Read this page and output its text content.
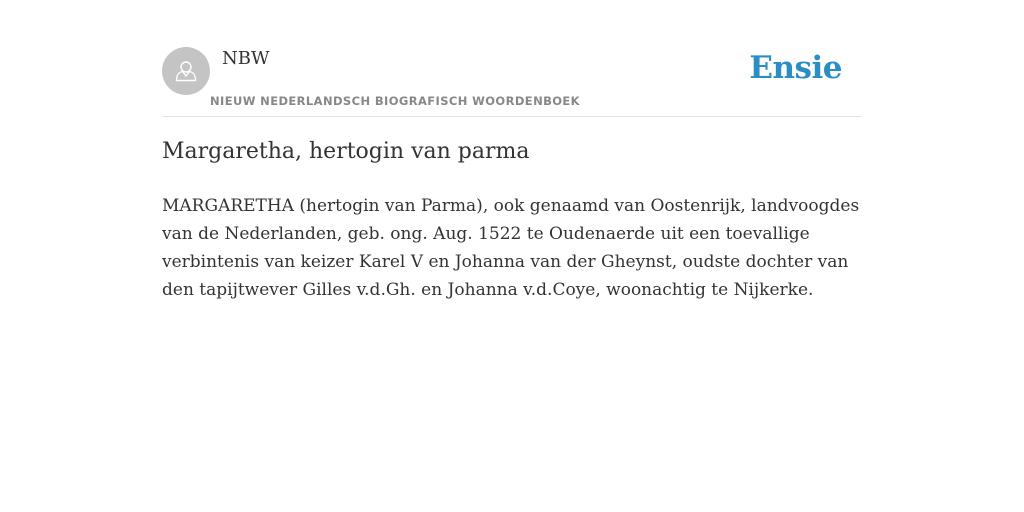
NBW
NIEUW NEDERLANDSCH BIOGRAFISCH WOORDENBOEK
Ensie
Margaretha, hertogin van parma

MARGARETHA (hertogin van Parma), ook genaamd van Oostenrijk, landvoogdes van de Nederlanden, geb. ong. Aug. 1522 te Oudenaerde uit een toevallige verbintenis van keizer Karel V en Johanna van der Gheynst, oudste dochter van den tapijtwever Gilles v.d.Gh. en Johanna v.d.Coye, woonachtig te Nijkerke.
